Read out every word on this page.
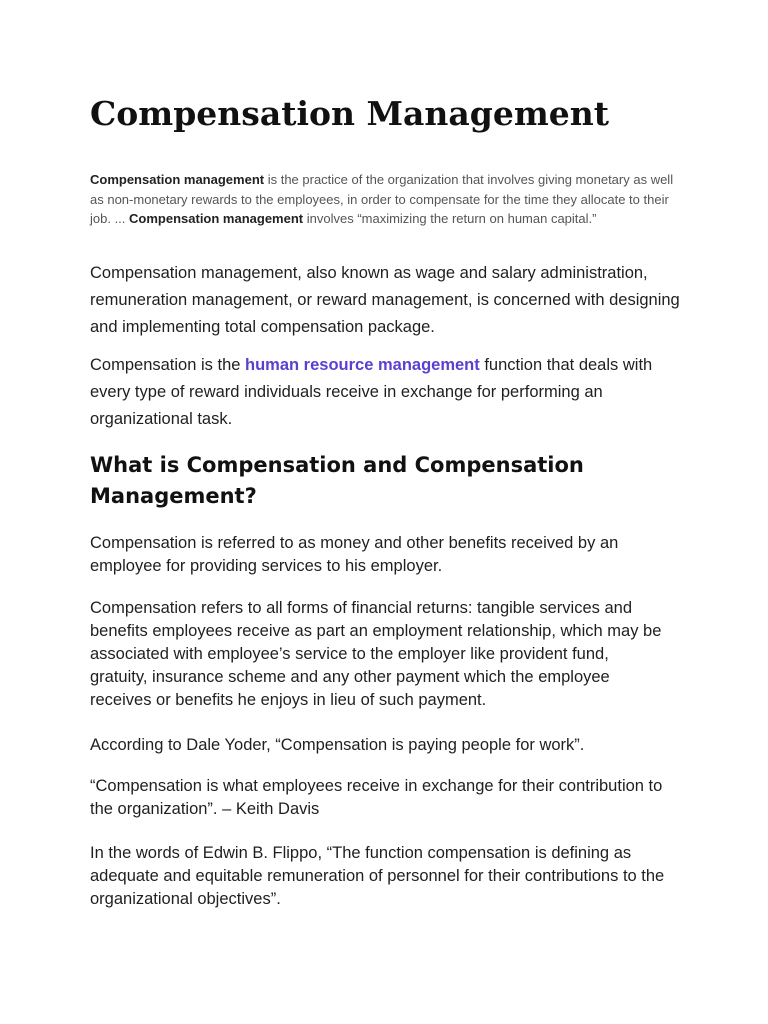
Compensation Management

Compensation management is the practice of the organization that involves giving monetary as well as non-monetary rewards to the employees, in order to compensate for the time they allocate to their job. ... Compensation management involves “maximizing the return on human capital.”

Compensation management, also known as wage and salary administration, remuneration management, or reward management, is concerned with designing and implementing total compensation package.

Compensation is the human resource management function that deals with every type of reward individuals receive in exchange for performing an organizational task.

What is Compensation and Compensation Management?

Compensation is referred to as money and other benefits received by an employee for providing services to his employer.

Compensation refers to all forms of financial returns: tangible services and benefits employees receive as part an employment relationship, which may be associated with employee’s service to the employer like provident fund, gratuity, insurance scheme and any other payment which the employee receives or benefits he enjoys in lieu of such payment.

According to Dale Yoder, “Compensation is paying people for work”.

“Compensation is what employees receive in exchange for their contribution to the organization”. – Keith Davis

In the words of Edwin B. Flippo, “The function compensation is defining as adequate and equitable remuneration of personnel for their contributions to the organizational objectives”.
